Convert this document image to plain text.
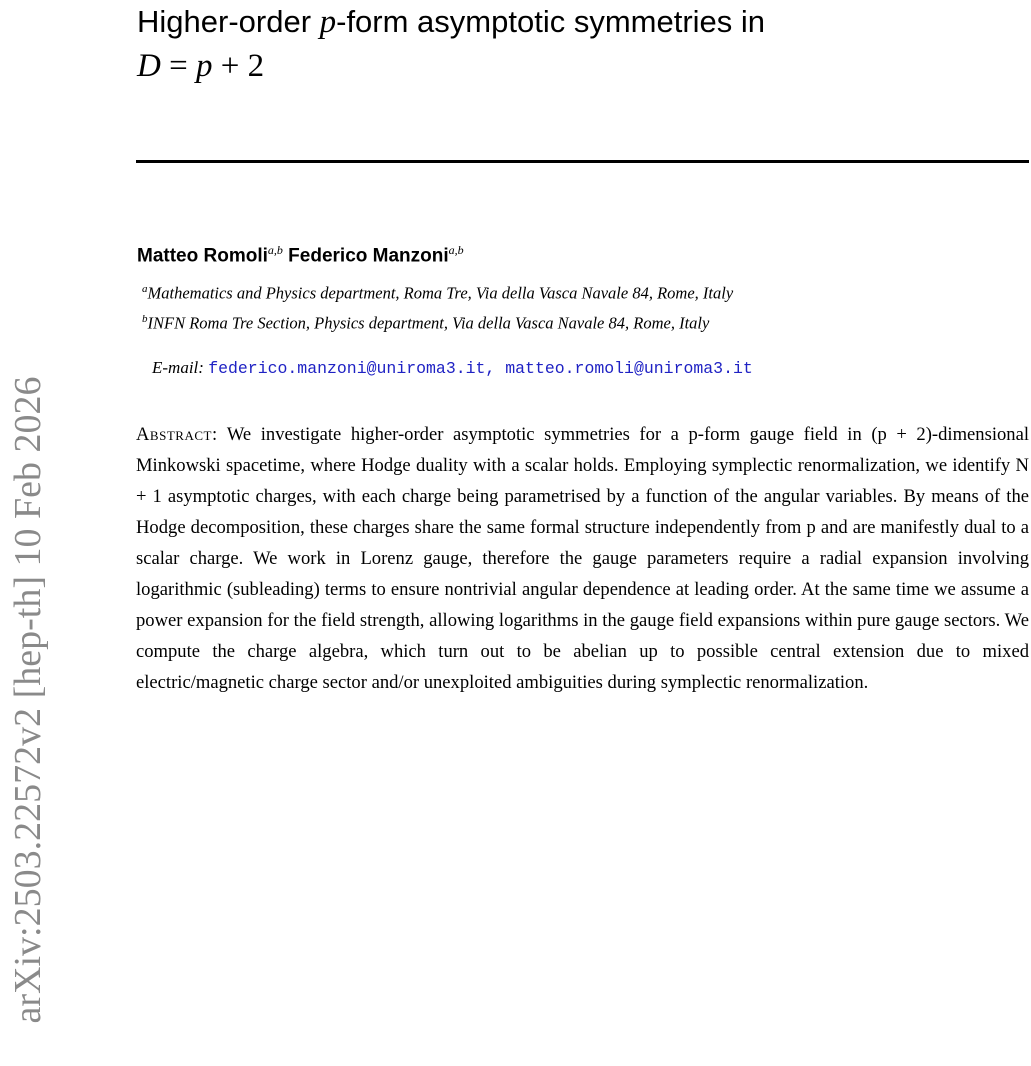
arXiv:2503.22572v2 [hep-th] 10 Feb 2026
Higher-order p-form asymptotic symmetries in
D = p + 2
Matteo Romoli$^{a,b}$ Federico Manzoni$^{a,b}$
$^a$Mathematics and Physics department, Roma Tre, Via della Vasca Navale 84, Rome, Italy
$^b$INFN Roma Tre Section, Physics department, Via della Vasca Navale 84, Rome, Italy
E-mail: federico.manzoni@uniroma3.it, matteo.romoli@uniroma3.it
Abstract: We investigate higher-order asymptotic symmetries for a p-form gauge field in (p + 2)-dimensional Minkowski spacetime, where Hodge duality with a scalar holds. Employing symplectic renormalization, we identify N + 1 asymptotic charges, with each charge being parametrised by a function of the angular variables. By means of the Hodge decomposition, these charges share the same formal structure independently from p and are manifestly dual to a scalar charge. We work in Lorenz gauge, therefore the gauge parameters require a radial expansion involving logarithmic (subleading) terms to ensure nontrivial angular dependence at leading order. At the same time we assume a power expansion for the field strength, allowing logarithms in the gauge field expansions within pure gauge sectors. We compute the charge algebra, which turn out to be abelian up to possible central extension due to mixed electric/magnetic charge sector and/or unexploited ambiguities during symplectic renormalization.
